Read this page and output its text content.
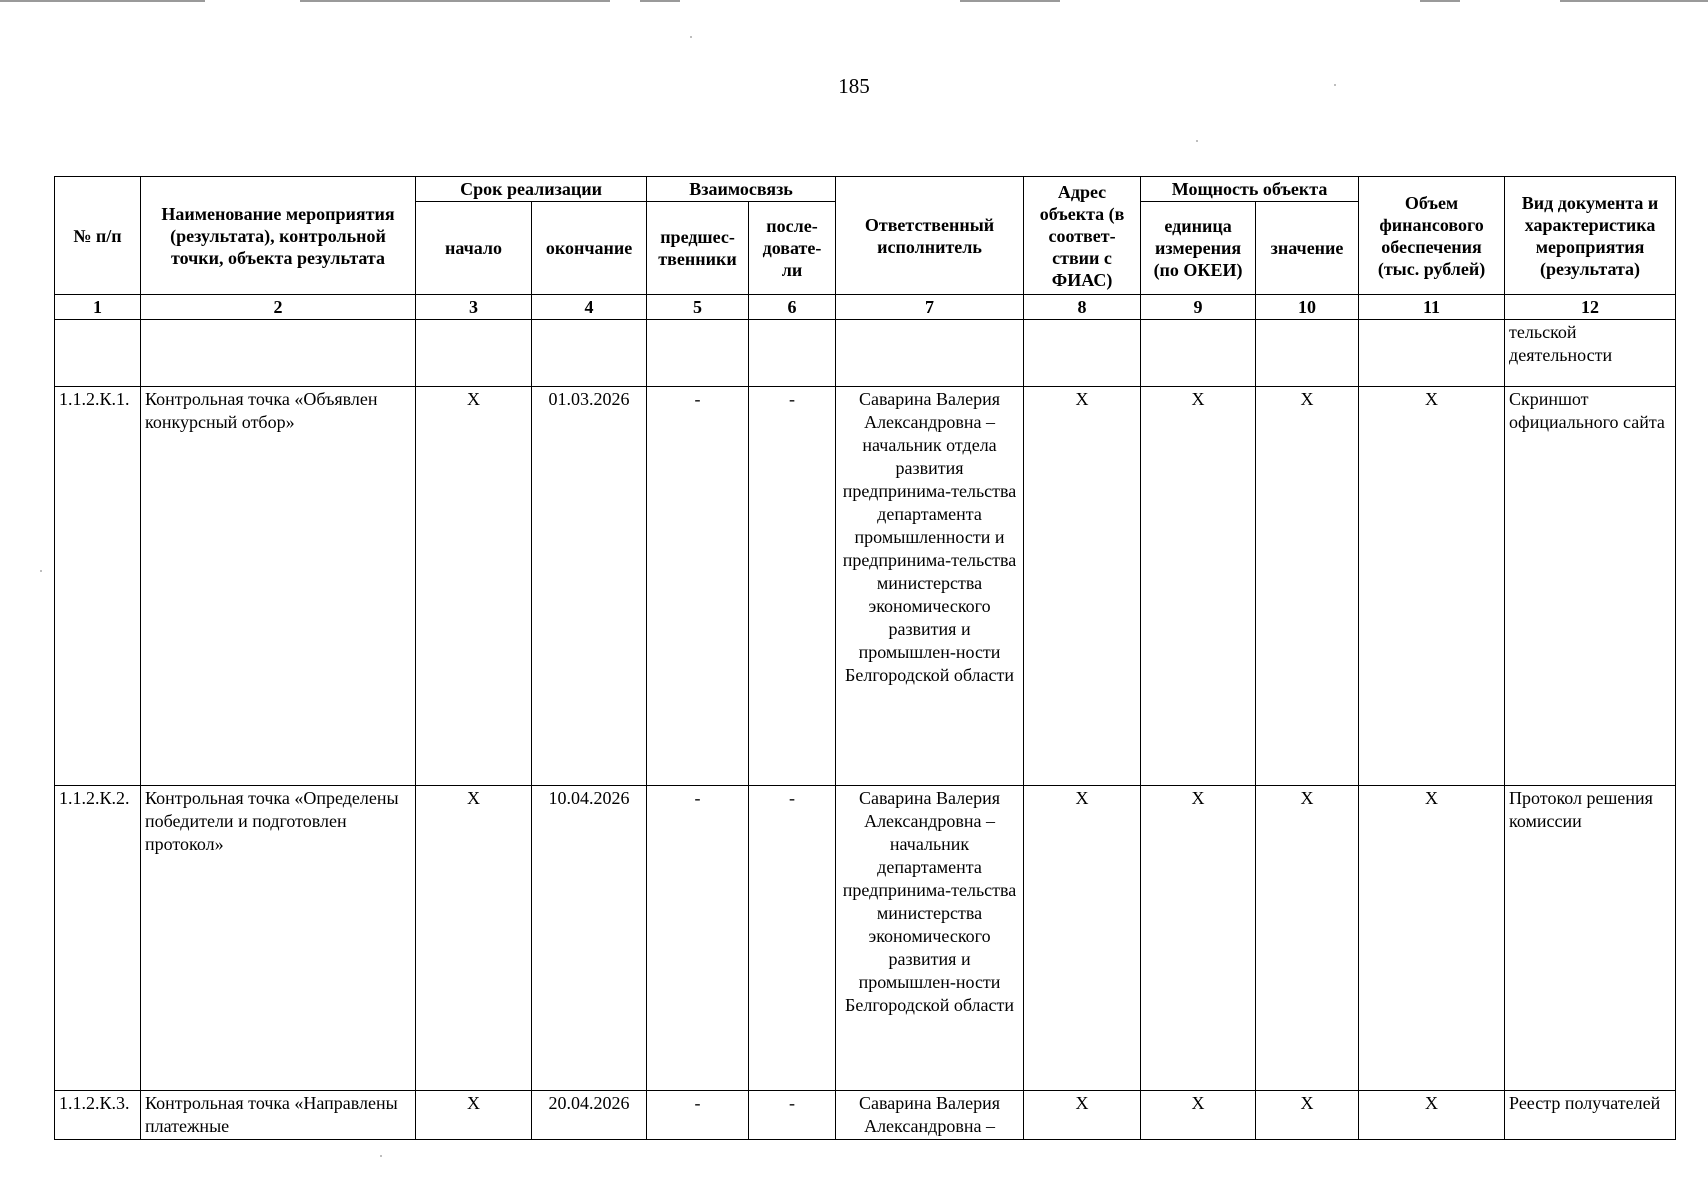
185
№ п/п	Наименование мероприятия (результата), контрольной точки, объекта результата	Срок реализации		Взаимосвязь		Ответственный исполнитель	Адрес объекта (в соответ-ствии с ФИАС)	Мощность объекта		Объем финансового обеспечения (тыс. рублей)	Вид документа и характеристика мероприятия (результата)
		начало	окончание	предшес-твенники	после-довате-ли			единица измерения (по ОКЕИ)	значение		
1	2	3	4	5	6	7	8	9	10	11	12
											тельской деятельности
1.1.2.К.1.	Контрольная точка «Объявлен конкурсный отбор»	X	01.03.2026	-	-	Саварина Валерия Александровна – начальник отдела развития предпринима-тельства департамента промышленности и предпринима-тельства министерства экономического развития и промышлен-ности Белгородской области	X	X	X	X	Скриншот официального сайта
1.1.2.К.2.	Контрольная точка «Определены победители и подготовлен протокол»	X	10.04.2026	-	-	Саварина Валерия Александровна – начальник департамента предпринима-тельства министерства экономического развития и промышлен-ности Белгородской области	X	X	X	X	Протокол решения комиссии
1.1.2.К.3.	Контрольная точка «Направлены платежные	X	20.04.2026	-	-	Саварина Валерия Александровна –	X	X	X	X	Реестр получателей
